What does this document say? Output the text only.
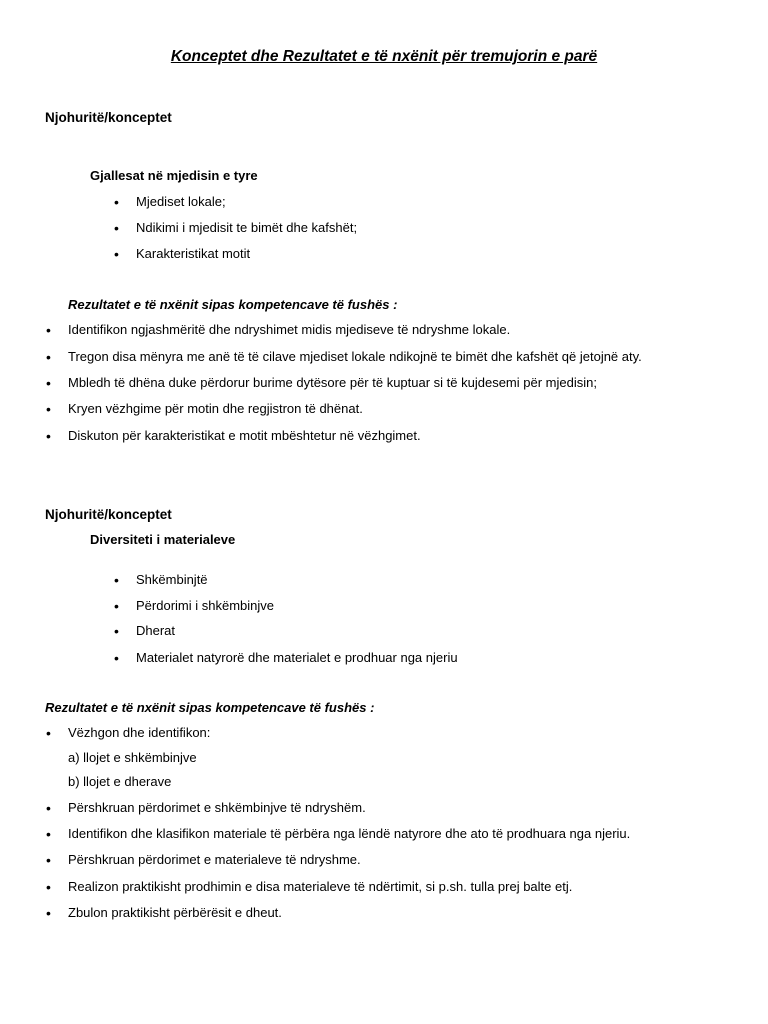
Konceptet dhe Rezultatet e të nxënit për tremujorin e parë
Njohuritë/konceptet
Gjallesat në mjedisin e tyre
• Mjediset lokale;
• Ndikimi i mjedisit te bimët dhe kafshët;
• Karakteristikat motit
Rezultatet e të nxënit sipas kompetencave të fushës :
• Identifikon ngjashmëritë dhe ndryshimet midis mjediseve të ndryshme lokale.
• Tregon disa mënyra me anë të të cilave mjediset lokale ndikojnë te bimët dhe kafshët që jetojnë aty.
• Mbledh të dhëna duke përdorur burime dytësore për të kuptuar si të kujdesemi për mjedisin;
• Kryen vëzhgime për motin dhe regjistron të dhënat.
• Diskuton për karakteristikat e motit mbështetur në vëzhgimet.
Njohuritë/konceptet
Diversiteti i materialeve
• Shkëmbinjtë
• Përdorimi i shkëmbinjve
• Dherat
• Materialet natyrorë dhe materialet e prodhuar nga njeriu
Rezultatet e të nxënit sipas kompetencave të fushës :
• Vëzhgon dhe identifikon:
a) llojet e shkëmbinjve
b) llojet e dherave
• Përshkruan përdorimet e shkëmbinjve të ndryshëm.
• Identifikon dhe klasifikon materiale të përbëra nga lëndë natyrore dhe ato të prodhuara nga njeriu.
• Përshkruan përdorimet e materialeve të ndryshme.
• Realizon praktikisht prodhimin e disa materialeve të ndërtimit, si p.sh. tulla prej balte etj.
• Zbulon praktikisht përbërësit e dheut.
